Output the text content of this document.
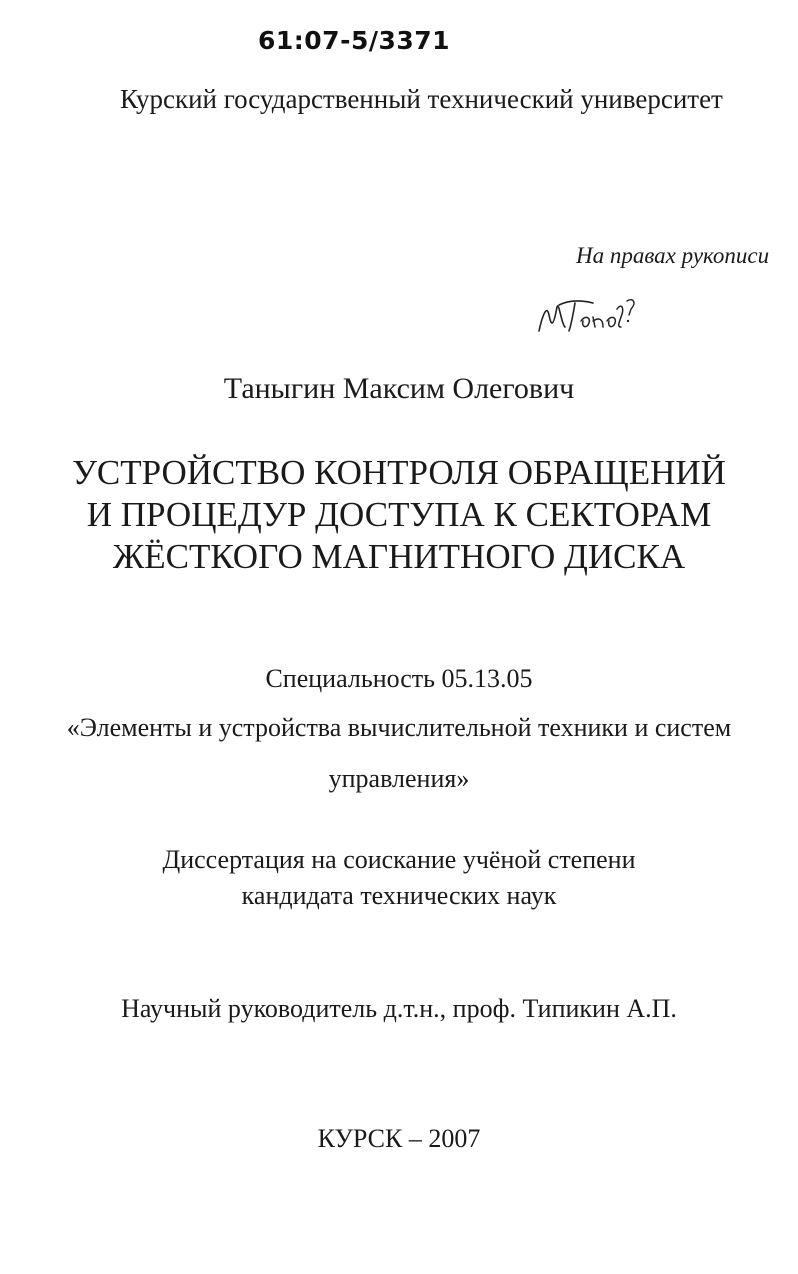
61:07-5/3371
Курский государственный технический университет
На правах рукописи
Таныгин Максим Олегович
УСТРОЙСТВО КОНТРОЛЯ ОБРАЩЕНИЙ И ПРОЦЕДУР ДОСТУПА К СЕКТОРАМ ЖЁСТКОГО МАГНИТНОГО ДИСКА
Специальность 05.13.05
«Элементы и устройства вычислительной техники и систем
управления»
Диссертация на соискание учёной степени
кандидата технических наук
Научный руководитель д.т.н., проф. Типикин А.П.
КУРСК – 2007
